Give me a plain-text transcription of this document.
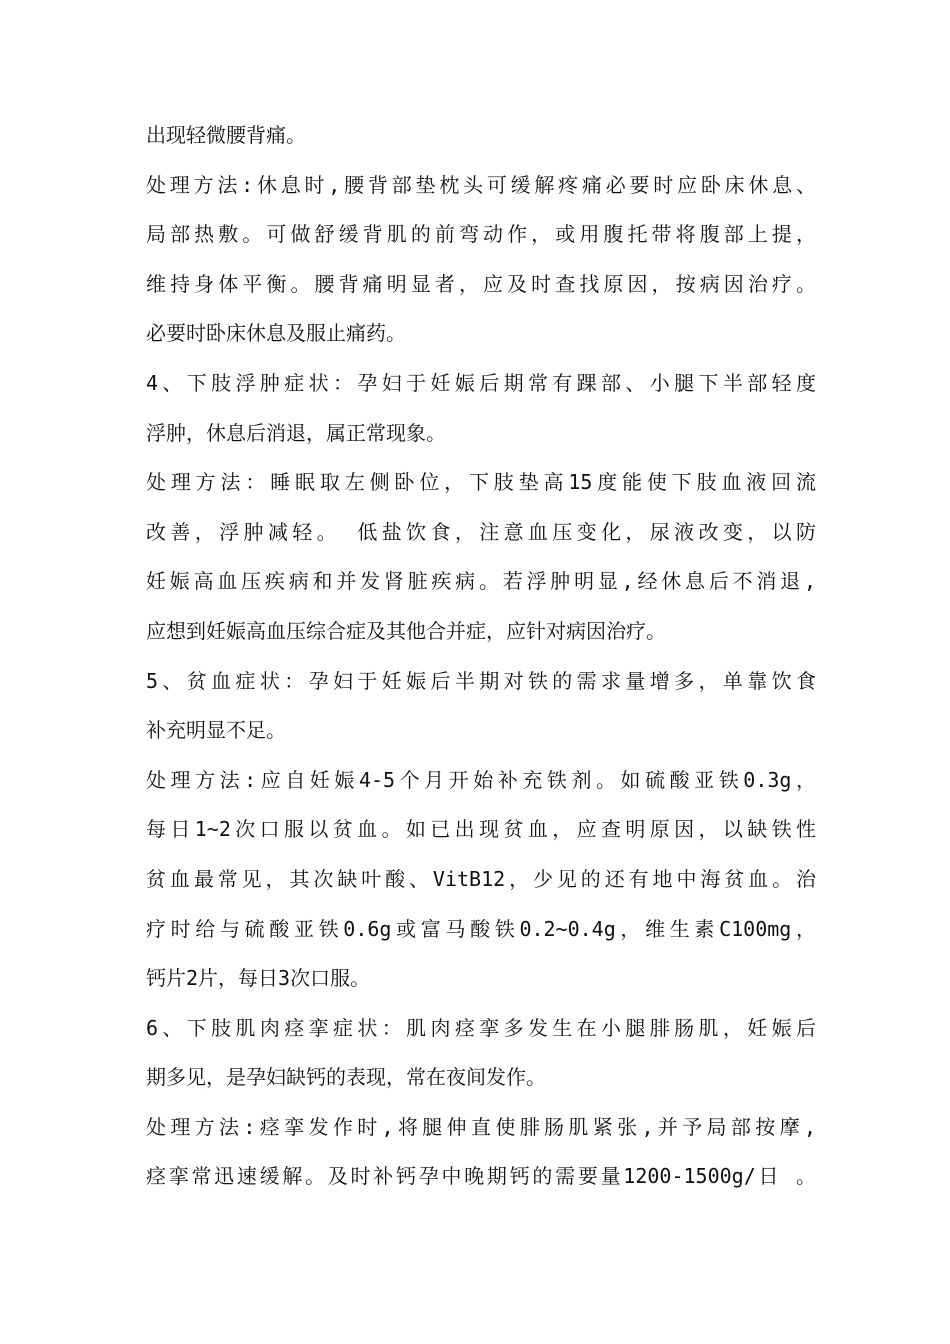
出现轻微腰背痛。
处理方法:休息时,腰背部垫枕头可缓解疼痛必要时应卧床休息、
局部热敷。可做舒缓背肌的前弯动作，或用腹托带将腹部上提，
维持身体平衡。腰背痛明显者，应及时查找原因，按病因治疗。
必要时卧床休息及服止痛药。
4、下肢浮肿症状：孕妇于妊娠后期常有踝部、小腿下半部轻度
浮肿，休息后消退，属正常现象。
处理方法：睡眠取左侧卧位，下肢垫高15度能使下肢血液回流
改善，浮肿减轻。 低盐饮食，注意血压变化，尿液改变，以防
妊娠高血压疾病和并发肾脏疾病。若浮肿明显,经休息后不消退,
应想到妊娠高血压综合症及其他合并症，应针对病因治疗。
5、贫血症状：孕妇于妊娠后半期对铁的需求量增多，单靠饮食
补充明显不足。
处理方法:应自妊娠4-5个月开始补充铁剂。如硫酸亚铁0.3g，
每日1~2次口服以贫血。如已出现贫血，应查明原因，以缺铁性
贫血最常见，其次缺叶酸、VitB12，少见的还有地中海贫血。治
疗时给与硫酸亚铁0.6g或富马酸铁0.2~0.4g，维生素C100mg，
钙片2片，每日3次口服。
6、下肢肌肉痉挛症状：肌肉痉挛多发生在小腿腓肠肌，妊娠后
期多见，是孕妇缺钙的表现，常在夜间发作。
处理方法:痉挛发作时,将腿伸直使腓肠肌紧张,并予局部按摩,
痉挛常迅速缓解。及时补钙孕中晚期钙的需要量1200-1500g/日 。
